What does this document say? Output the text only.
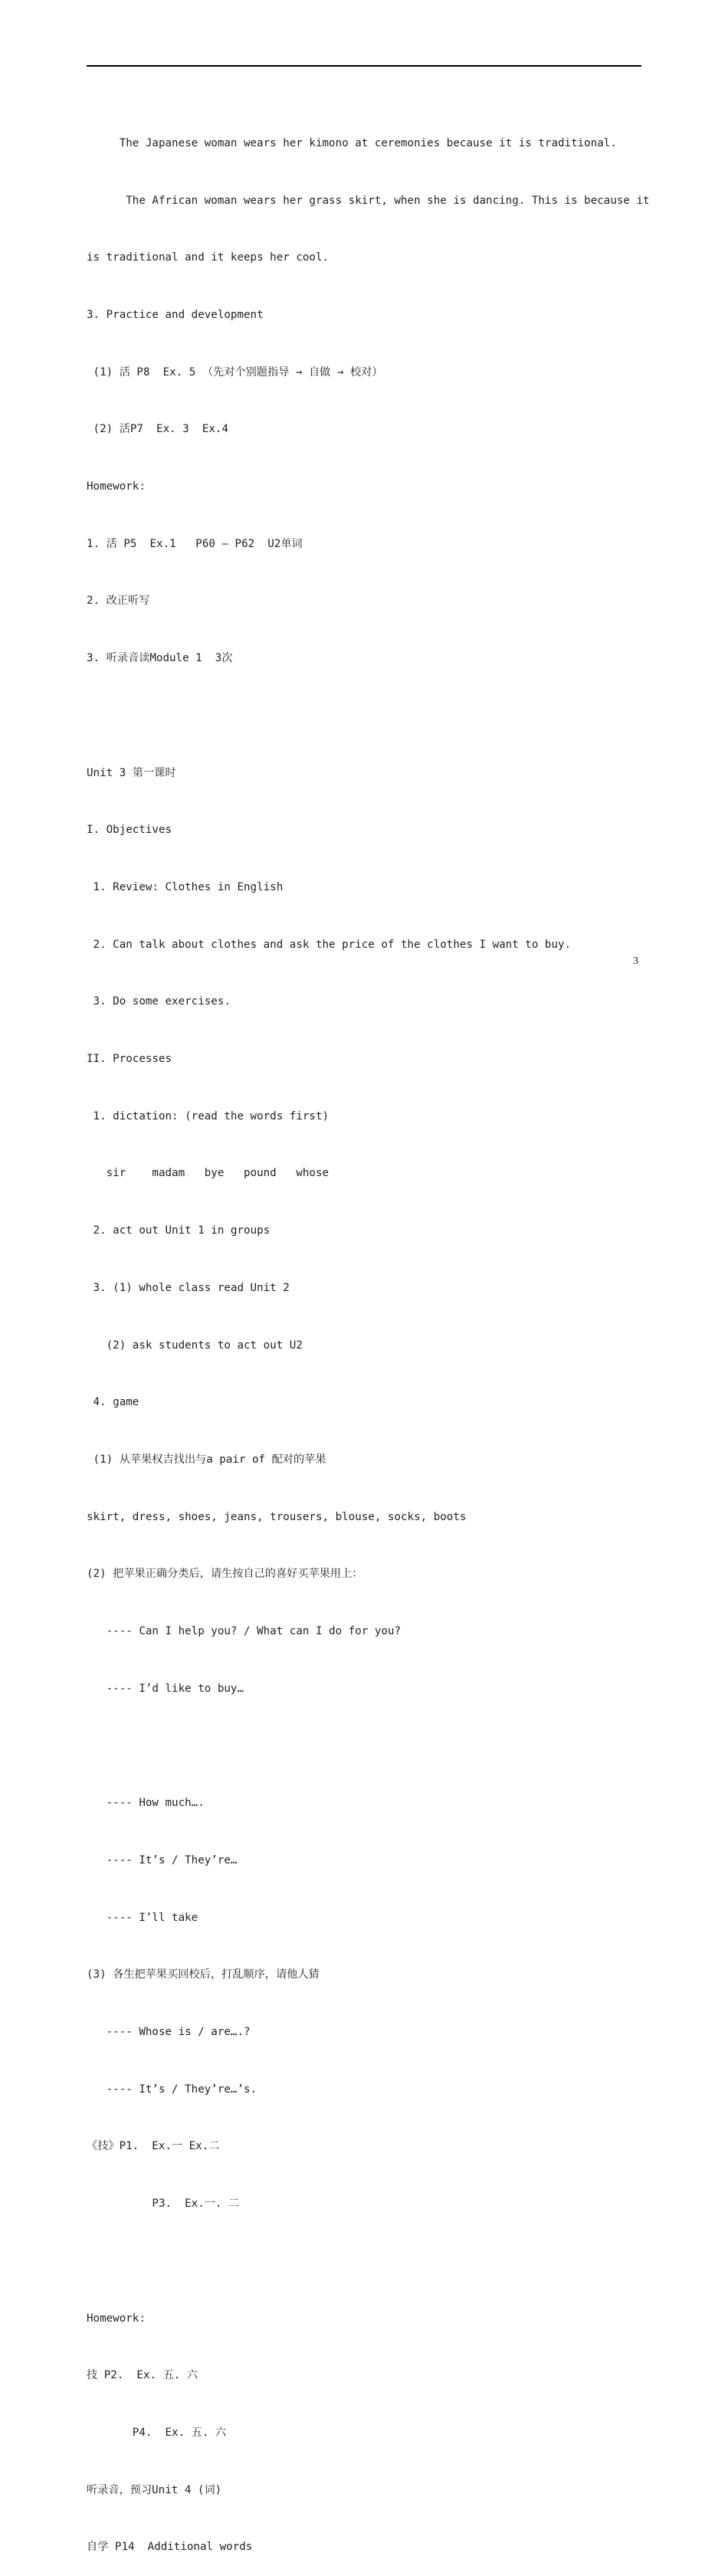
The Japanese woman wears her kimono at ceremonies because it is traditional.

The African woman wears her grass skirt, when she is dancing. This is because it

is traditional and it keeps her cool.

3. Practice and development

(1) 活 P8  Ex. 5 （先对个别题指导 → 自做 → 校对）

(2) 活P7  Ex. 3  Ex.4

Homework:

1. 活 P5  Ex.1   P60 – P62  U2单词

2. 改正听写

3. 听录音读Module 1  3次

Unit 3 第一课时

I. Objectives

1. Review: Clothes in English

2. Can talk about clothes and ask the price of the clothes I want to buy.

3. Do some exercises.

II. Processes

1. dictation: (read the words first)

sir    madam   bye   pound   whose

2. act out Unit 1 in groups

3. (1) whole class read Unit 2

(2) ask students to act out U2

4. game

(1) 从苹果权吉找出与a pair of 配对的苹果

skirt, dress, shoes, jeans, trousers, blouse, socks, boots

(2) 把苹果正确分类后，请生按自己的喜好买苹果用上：

---- Can I help you? / What can I do for you?

---- I’d like to buy…

---- How much….

---- It’s / They’re…

---- I’ll take

(3) 各生把苹果买回校后，打乱顺序，请他人猜

---- Whose is / are….?

---- It’s / They’re…’s.

《技》P1.  Ex.一 Ex.二

P3.  Ex.一. 二

Homework:

技 P2.  Ex. 五. 六

P4.  Ex. 五. 六

听录音，预习Unit 4 (词)

自学 P14  Additional words

3
